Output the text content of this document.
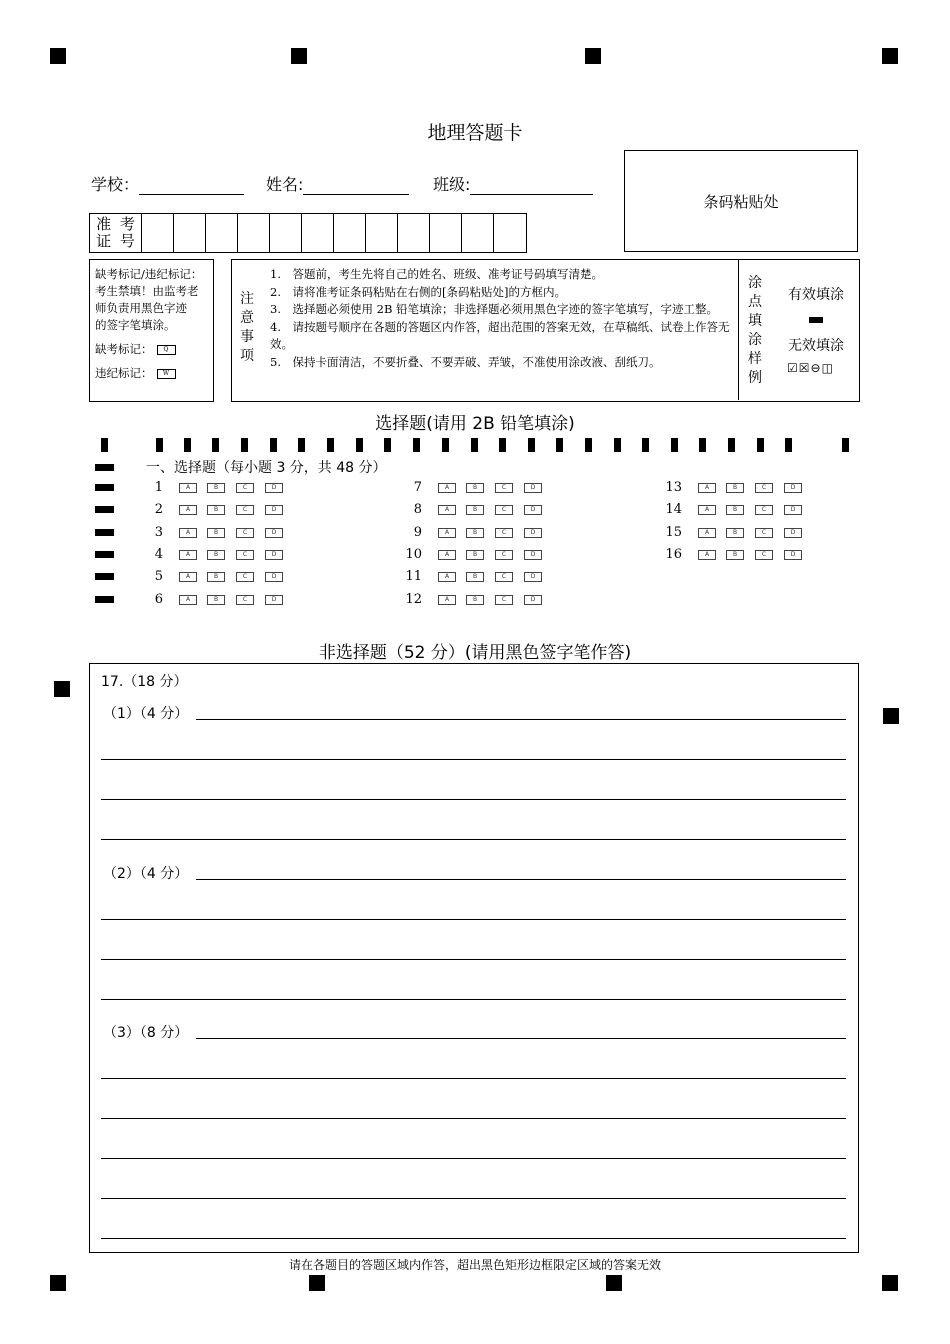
地理答题卡
学校：	姓名:	班级:
条码粘贴处
准 考证 号
缺考标记/违纪标记：
考生禁填！由监考老
师负责用黑色字迹
的签字笔填涂。
缺考标记： Q
违纪标记： W
注意事项
1.　答题前，考生先将自己的姓名、班级、准考证号码填写清楚。
2.　请将准考证条码粘贴在右侧的[条码粘贴处]的方框内。
3.　选择题必须使用 2B 铅笔填涂；非选择题必须用黑色字迹的签字笔填写，字迹工整。
4.　请按题号顺序在各题的答题区内作答，超出范围的答案无效，在草稿纸、试卷上作答无效。
5.　保持卡面清洁，不要折叠、不要弄破、弄皱，不准使用涂改液、刮纸刀。
涂点填涂样例
有效填涂
无效填涂
☑☒⊖◫
选择题(请用 2B 铅笔填涂)
一、选择题（每小题 3 分，共 48 分）
1	A	B	C	D
2	A	B	C	D
3	A	B	C	D
4	A	B	C	D
5	A	B	C	D
6	A	B	C	D
7	A	B	C	D
8	A	B	C	D
9	A	B	C	D
10	A	B	C	D
11	A	B	C	D
12	A	B	C	D
13	A	B	C	D
14	A	B	C	D
15	A	B	C	D
16	A	B	C	D
非选择题（52 分）(请用黑色签字笔作答)
17.（18 分）
（1）（4 分）
（2）（4 分）
（3）（8 分）
请在各题目的答题区域内作答，超出黑色矩形边框限定区域的答案无效
